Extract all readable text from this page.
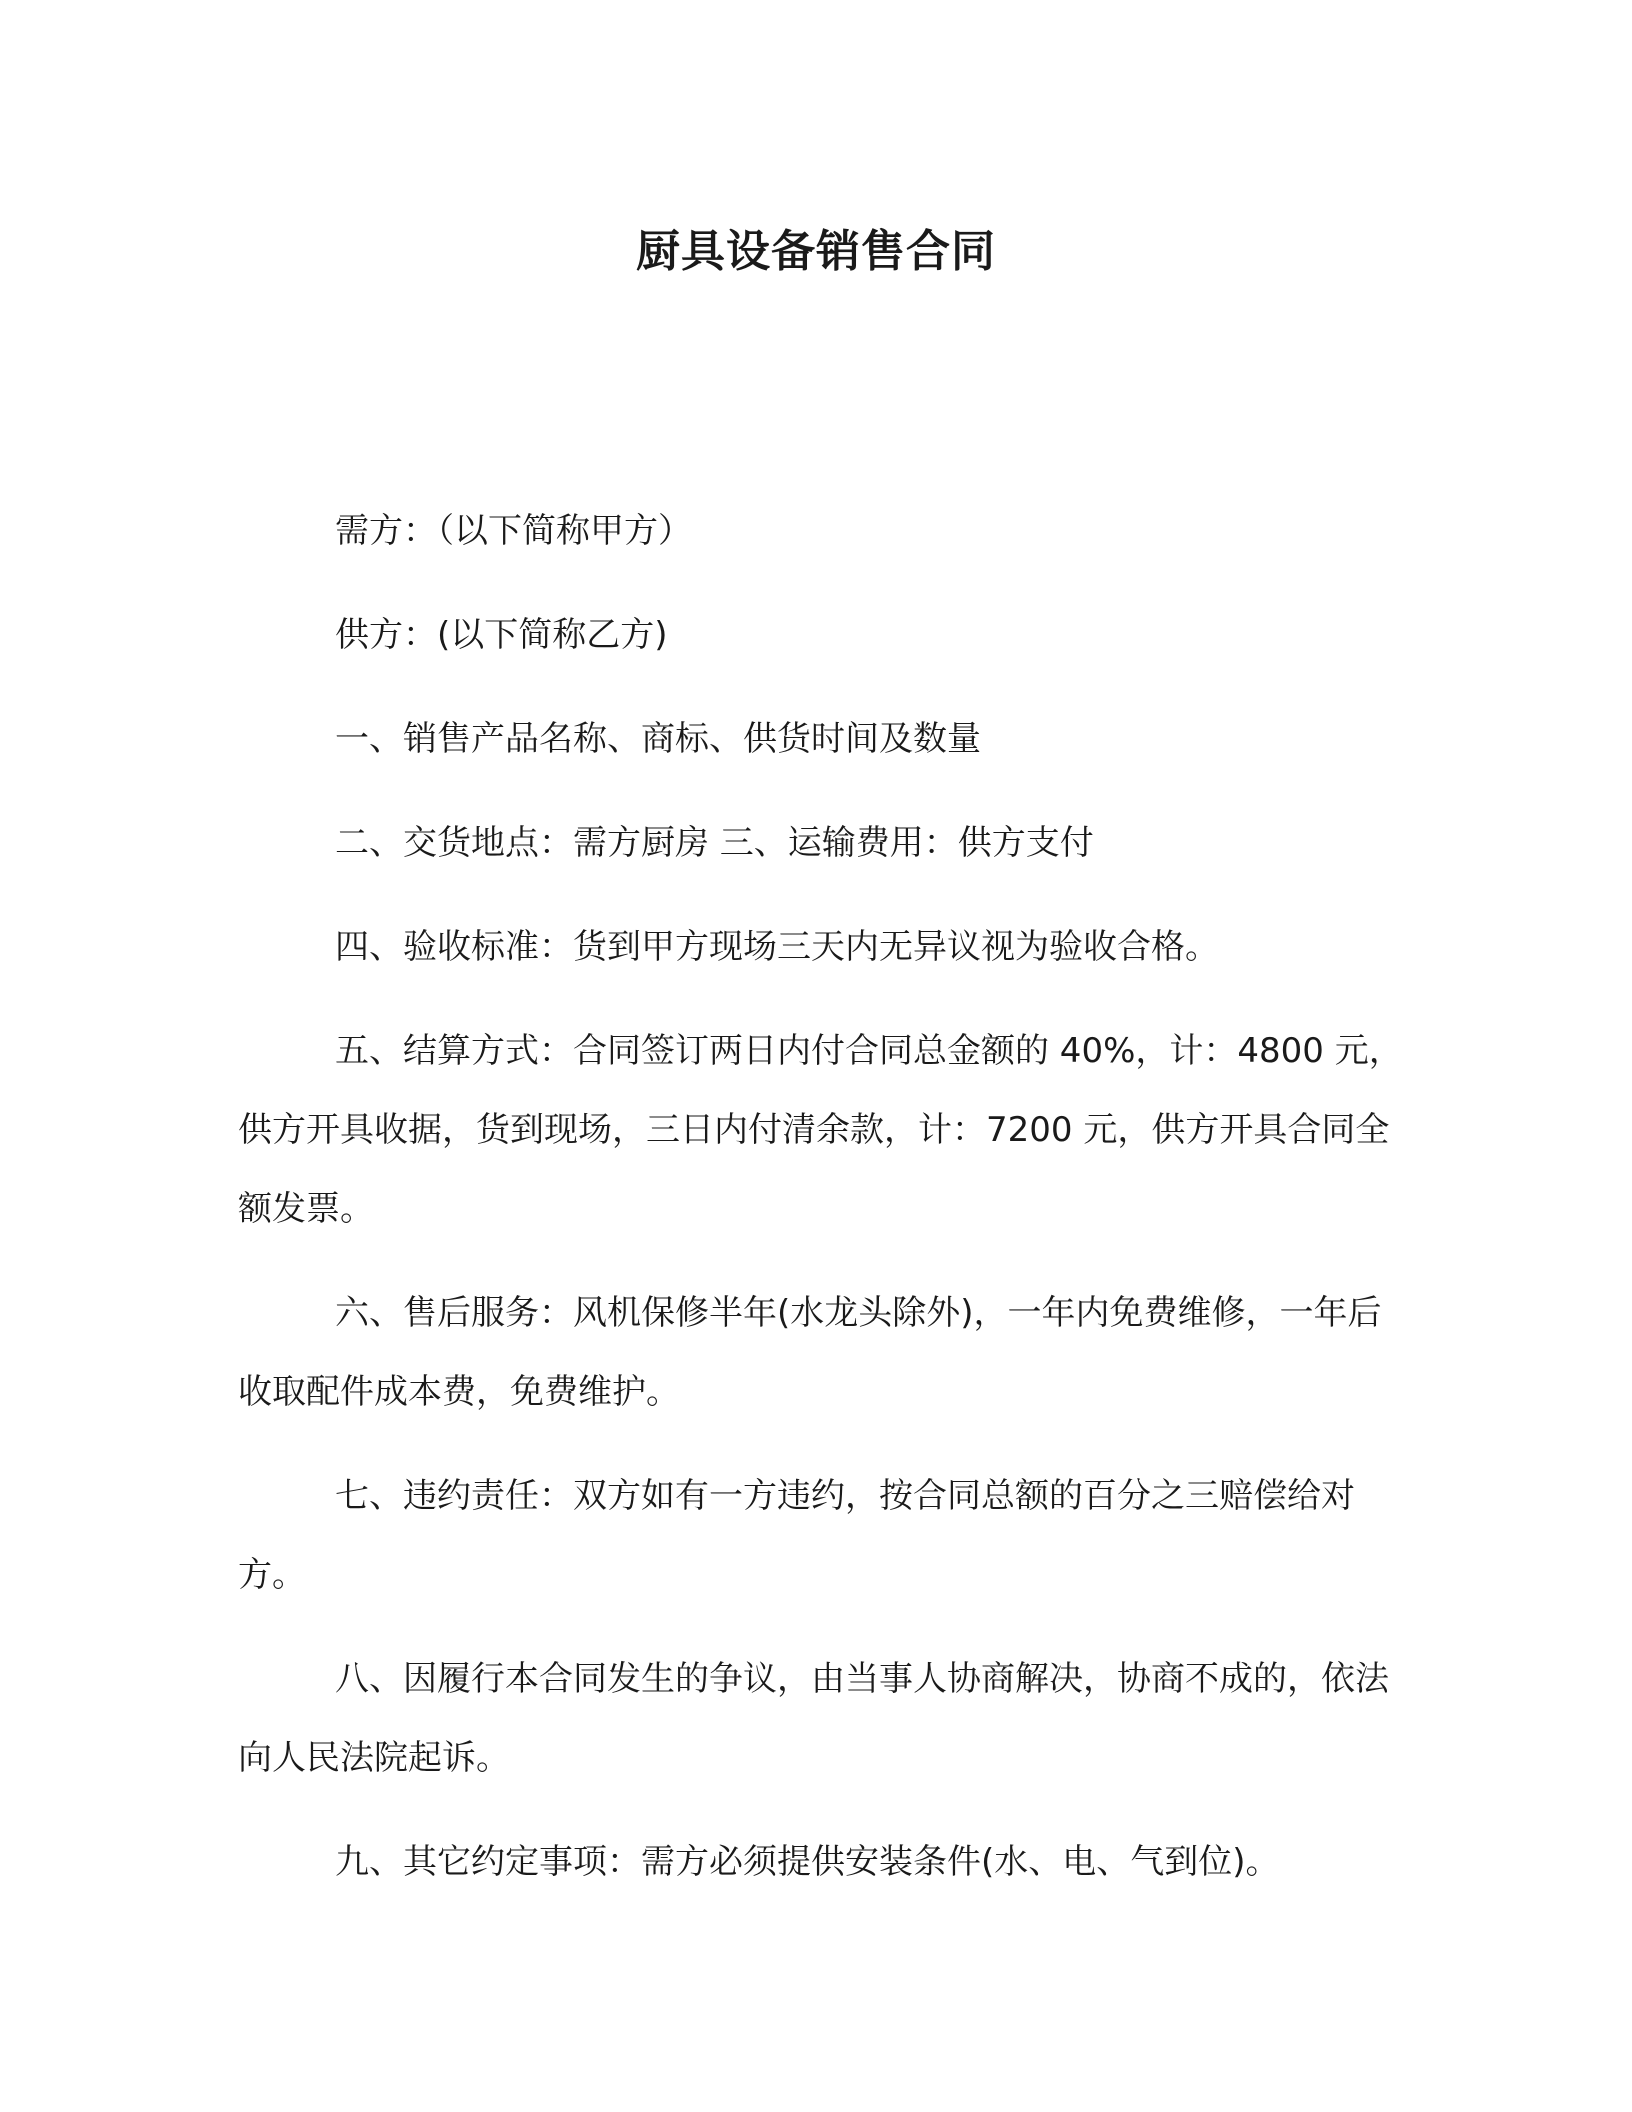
厨具设备销售合同

需方：（以下简称甲方）

供方：(以下简称乙方)

一、销售产品名称、商标、供货时间及数量

二、交货地点：需方厨房 三、运输费用：供方支付

四、验收标准：货到甲方现场三天内无异议视为验收合格。

五、结算方式：合同签订两日内付合同总金额的 40%，计：4800 元，供方开具收据，货到现场，三日内付清余款，计：7200 元，供方开具合同全额发票。

六、售后服务：风机保修半年(水龙头除外)，一年内免费维修，一年后收取配件成本费，免费维护。

七、违约责任：双方如有一方违约，按合同总额的百分之三赔偿给对方。

八、因履行本合同发生的争议，由当事人协商解决，协商不成的，依法向人民法院起诉。

九、其它约定事项：需方必须提供安装条件(水、电、气到位)。
